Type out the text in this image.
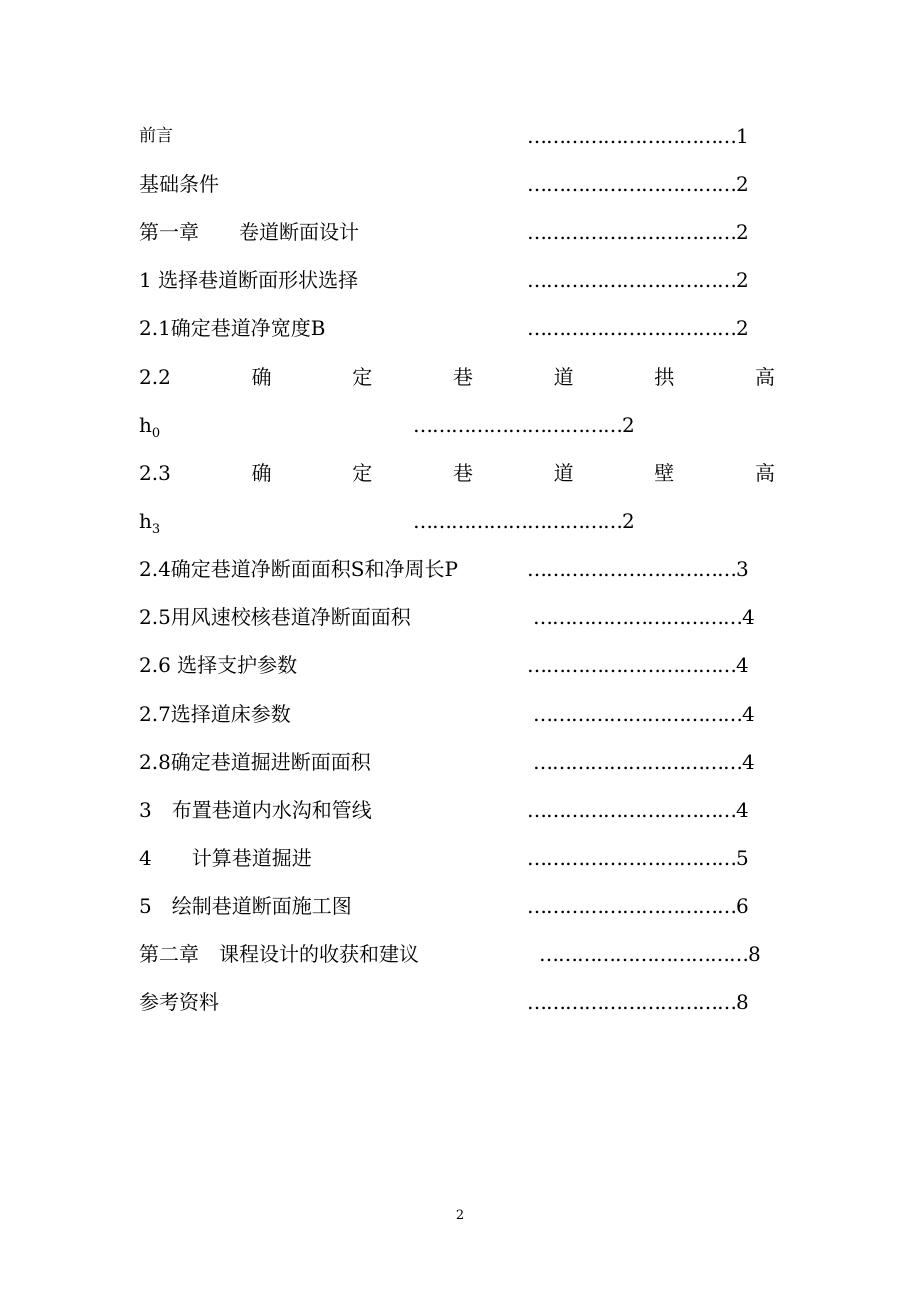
前言	……………………………1
基础条件	……………………………2
第一章　　卷道断面设计	……………………………2
1 选择巷道断面形状选择	……………………………2
2.1确定巷道净宽度B	……………………………2
2.2	确	定	巷	道	拱	高
$h_0$	……………………………2
2.3	确	定	巷	道	壁	高
$h_3$	……………………………2
2.4确定巷道净断面面积S和净周长P	……………………………3
2.5用风速校核巷道净断面面积	……………………………4
2.6 选择支护参数	……………………………4
2.7选择道床参数	……………………………4
2.8确定巷道掘进断面面积	……………………………4
3　布置巷道内水沟和管线	……………………………4
4　　计算巷道掘进	……………………………5
5　绘制巷道断面施工图	……………………………6
第二章　课程设计的收获和建议	……………………………8
参考资料	……………………………8
2
